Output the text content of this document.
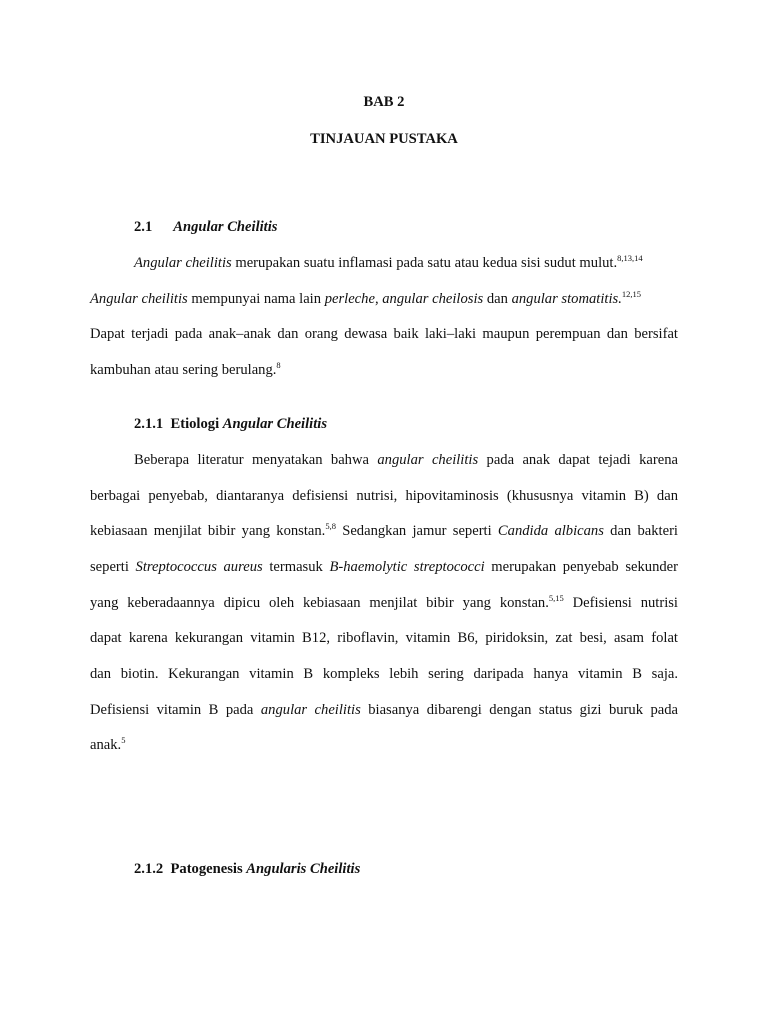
BAB 2
TINJAUAN PUSTAKA
2.1 Angular Cheilitis
Angular cheilitis merupakan suatu inflamasi pada satu atau kedua sisi sudut mulut.$^{8,13,14}$
Angular cheilitis mempunyai nama lain perleche, angular cheilosis dan angular stomatitis.$^{12,15}$
Dapat terjadi pada anak–anak dan orang dewasa baik laki–laki maupun perempuan dan bersifat
kambuhan atau sering berulang.$^8$
2.1.1  Etiologi Angular Cheilitis
Beberapa literatur menyatakan bahwa angular cheilitis pada anak dapat tejadi karena
berbagai penyebab, diantaranya defisiensi nutrisi, hipovitaminosis (khususnya vitamin B) dan
kebiasaan menjilat bibir yang konstan.$^{5,8}$ Sedangkan jamur seperti Candida albicans dan bakteri
seperti Streptococcus aureus termasuk B-haemolytic streptococci merupakan penyebab sekunder
yang keberadaannya dipicu oleh kebiasaan menjilat bibir yang konstan.$^{5,15}$ Defisiensi nutrisi
dapat karena kekurangan vitamin B12, riboflavin, vitamin B6, piridoksin, zat besi, asam folat
dan biotin. Kekurangan vitamin B kompleks lebih sering daripada hanya vitamin B saja.
Defisiensi vitamin B pada angular cheilitis biasanya dibarengi dengan status gizi buruk pada
anak.$^5$
2.1.2  Patogenesis Angularis Cheilitis
